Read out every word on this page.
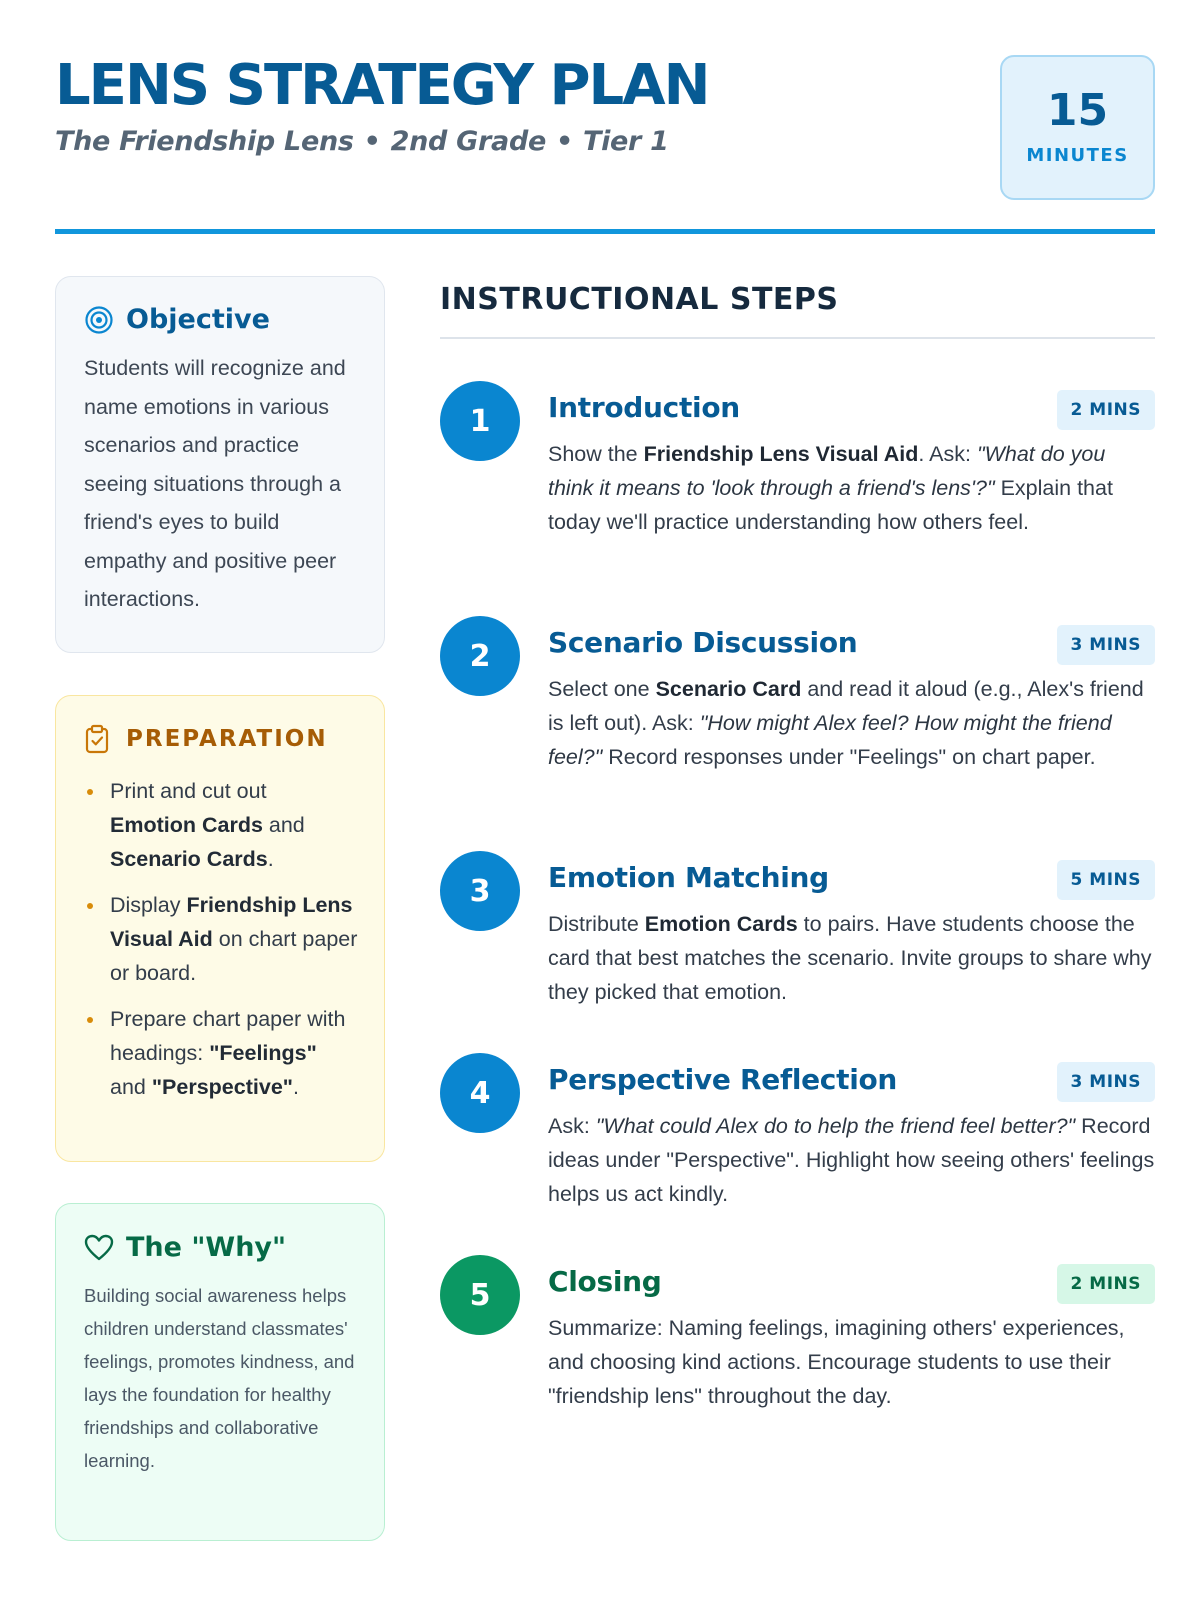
LENS STRATEGY PLAN
The Friendship Lens • 2nd Grade • Tier 1
15
MINUTES
Objective

Students will recognize and name emotions in various scenarios and practice seeing situations through a friend's eyes to build empathy and positive peer interactions.

PREPARATION
Print and cut out Emotion Cards and Scenario Cards.
Display Friendship Lens Visual Aid on chart paper or board.
Prepare chart paper with headings: "Feelings" and "Perspective".
The "Why"

Building social awareness helps children understand classmates' feelings, promotes kindness, and lays the foundation for healthy friendships and collaborative learning.

INSTRUCTIONAL STEPS
1	Introduction	2 MINS
Show the Friendship Lens Visual Aid. Ask: "What do you think it means to 'look through a friend's lens'?" Explain that today we'll practice understanding how others feel.
2	Scenario Discussion	3 MINS
Select one Scenario Card and read it aloud (e.g., Alex's friend is left out). Ask: "How might Alex feel? How might the friend feel?" Record responses under "Feelings" on chart paper.
3	Emotion Matching	5 MINS
Distribute Emotion Cards to pairs. Have students choose the card that best matches the scenario. Invite groups to share why they picked that emotion.
4	Perspective Reflection	3 MINS
Ask: "What could Alex do to help the friend feel better?" Record ideas under "Perspective". Highlight how seeing others' feelings helps us act kindly.
5	Closing	2 MINS
Summarize: Naming feelings, imagining others' experiences, and choosing kind actions. Encourage students to use their "friendship lens" throughout the day.
